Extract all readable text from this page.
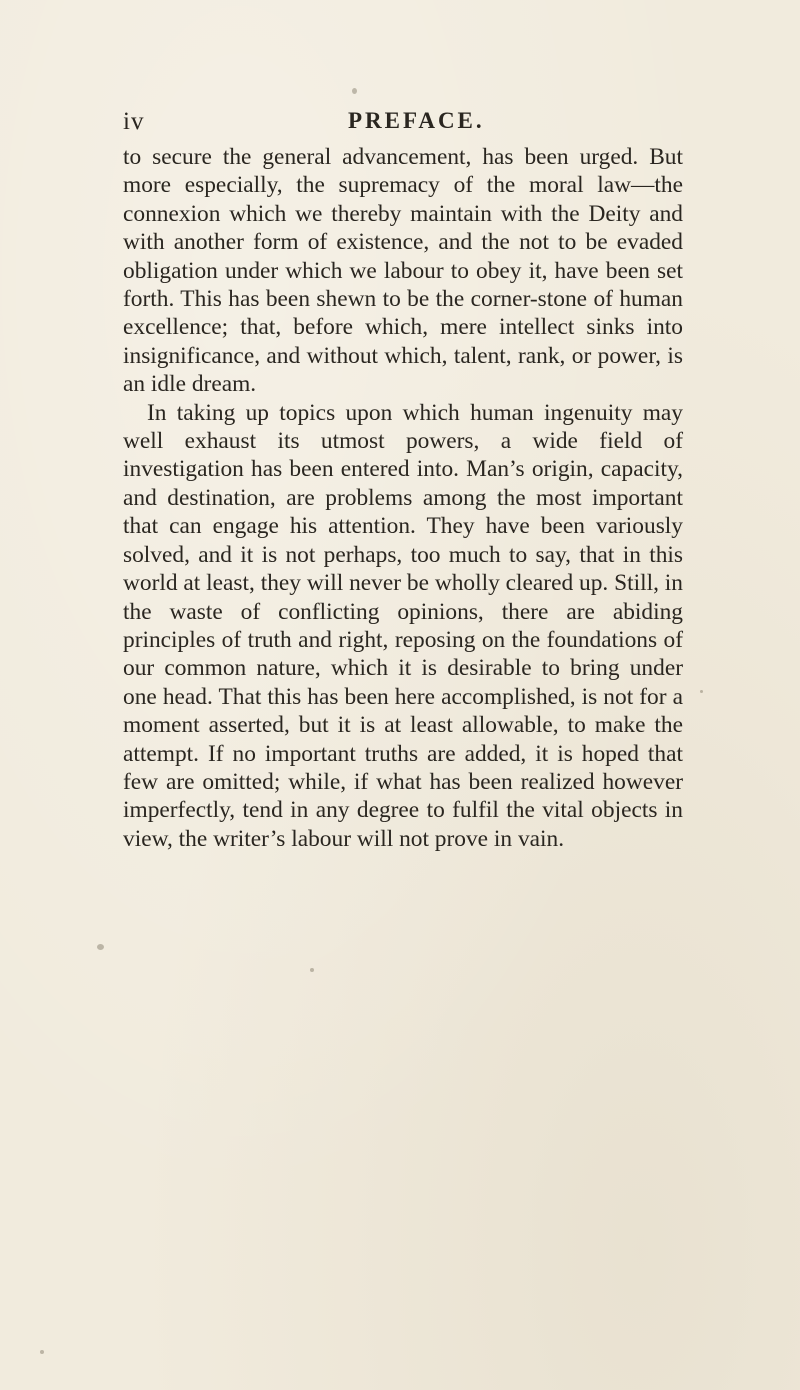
iv	PREFACE.

to secure the general advancement, has been urged. But more especially, the supremacy of the moral law—the connexion which we thereby maintain with the Deity and with another form of existence, and the not to be evaded obligation under which we labour to obey it, have been set forth. This has been shewn to be the corner-stone of human excellence; that, before which, mere intellect sinks into insignificance, and without which, talent, rank, or power, is an idle dream.

In taking up topics upon which human ingenuity may well exhaust its utmost powers, a wide field of investigation has been entered into. Man’s origin, capacity, and destination, are problems among the most important that can engage his attention. They have been variously solved, and it is not perhaps, too much to say, that in this world at least, they will never be wholly cleared up. Still, in the waste of conflicting opinions, there are abiding principles of truth and right, reposing on the foundations of our common nature, which it is desirable to bring under one head. That this has been here accomplished, is not for a moment asserted, but it is at least allowable, to make the attempt. If no important truths are added, it is hoped that few are omitted; while, if what has been realized however imperfectly, tend in any degree to fulfil the vital objects in view, the writer’s labour will not prove in vain.
